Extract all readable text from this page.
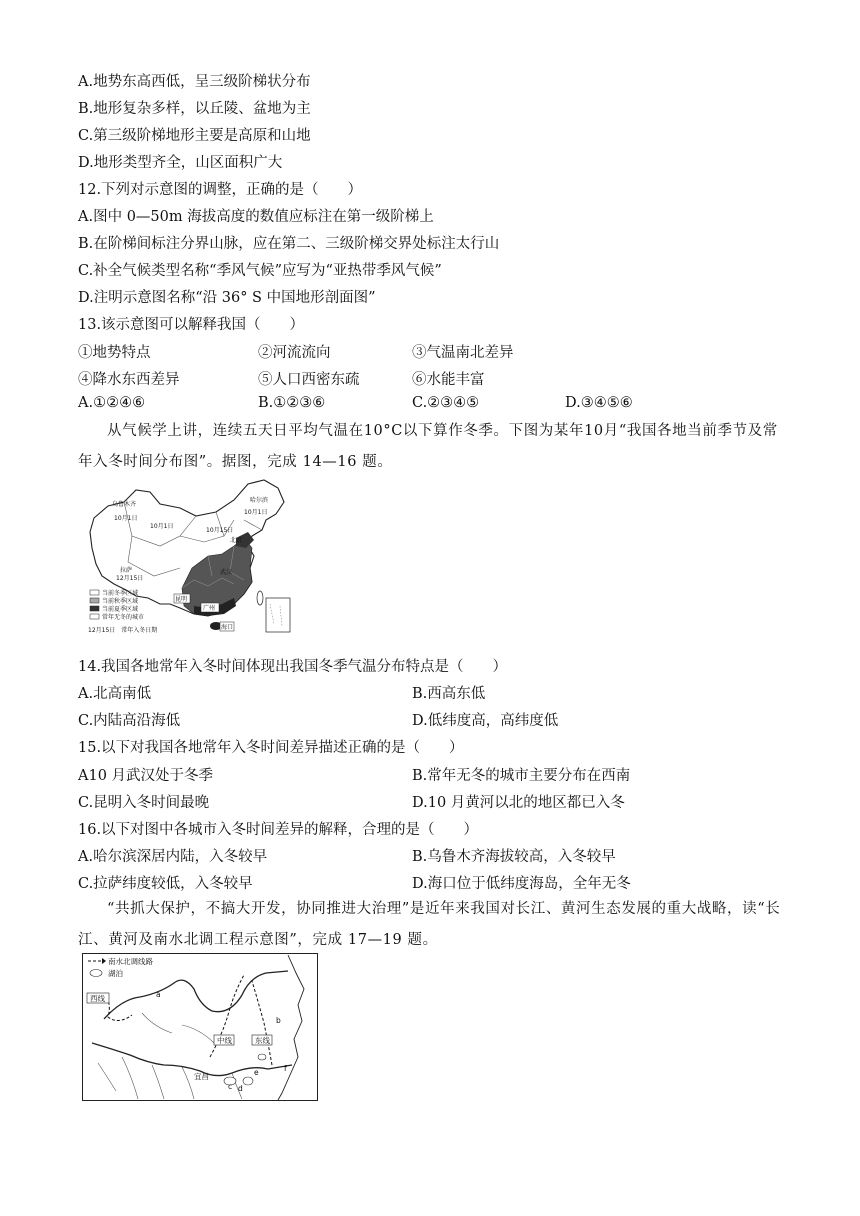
A.地势东高西低，呈三级阶梯状分布
B.地形复杂多样，以丘陵、盆地为主
C.第三级阶梯地形主要是高原和山地
D.地形类型齐全，山区面积广大
12.下列对示意图的调整，正确的是（　　）
A.图中 0—50m 海拔高度的数值应标注在第一级阶梯上
B.在阶梯间标注分界山脉，应在第二、三级阶梯交界处标注太行山
C.补全气候类型名称“季风气候”应写为“亚热带季风气候”
D.注明示意图名称“沿 36° S 中国地形剖面图”
13.该示意图可以解释我国（　　）
①地势特点	②河流流向	③气温南北差异
④降水东西差异	⑤人口西密东疏	⑥水能丰富
A.①②④⑥	B.①②③⑥	C.②③④⑤	D.③④⑤⑥
从气候学上讲，连续五天日平均气温在10°C以下算作冬季。下图为某年10月“我国各地当前季节及常年入冬时间分布图”。据图，完成 14—16 题。
乌鲁木齐
10月1日
10月1日
哈尔滨
10月1日
10月15日
拉萨
12月15日
昆明
广州
海口
北京
武汉
当前冬季区域
当前秋季区域
当前夏季区域
常年无冬的城市
12月15日　常年入冬日期
14.我国各地常年入冬时间体现出我国冬季气温分布特点是（　　）
A.北高南低	B.西高东低
C.内陆高沿海低	D.低纬度高，高纬度低
15.以下对我国各地常年入冬时间差异描述正确的是（　　）
A10 月武汉处于冬季	B.常年无冬的城市主要分布在西南
C.昆明入冬时间最晚	D.10 月黄河以北的地区都已入冬
16.以下对图中各城市入冬时间差异的解释，合理的是（　　）
A.哈尔滨深居内陆，入冬较早	B.乌鲁木齐海拔较高，入冬较早
C.拉萨纬度较低，入冬较早	D.海口位于低纬度海岛，全年无冬
“共抓大保护，不搞大开发，协同推进大治理”是近年来我国对长江、黄河生态发展的重大战略，读“长江、黄河及南水北调工程示意图”，完成 17—19 题。
南水北调线路
湖泊
西线
中线	东线
a
b
c d
e	f
宜昌
